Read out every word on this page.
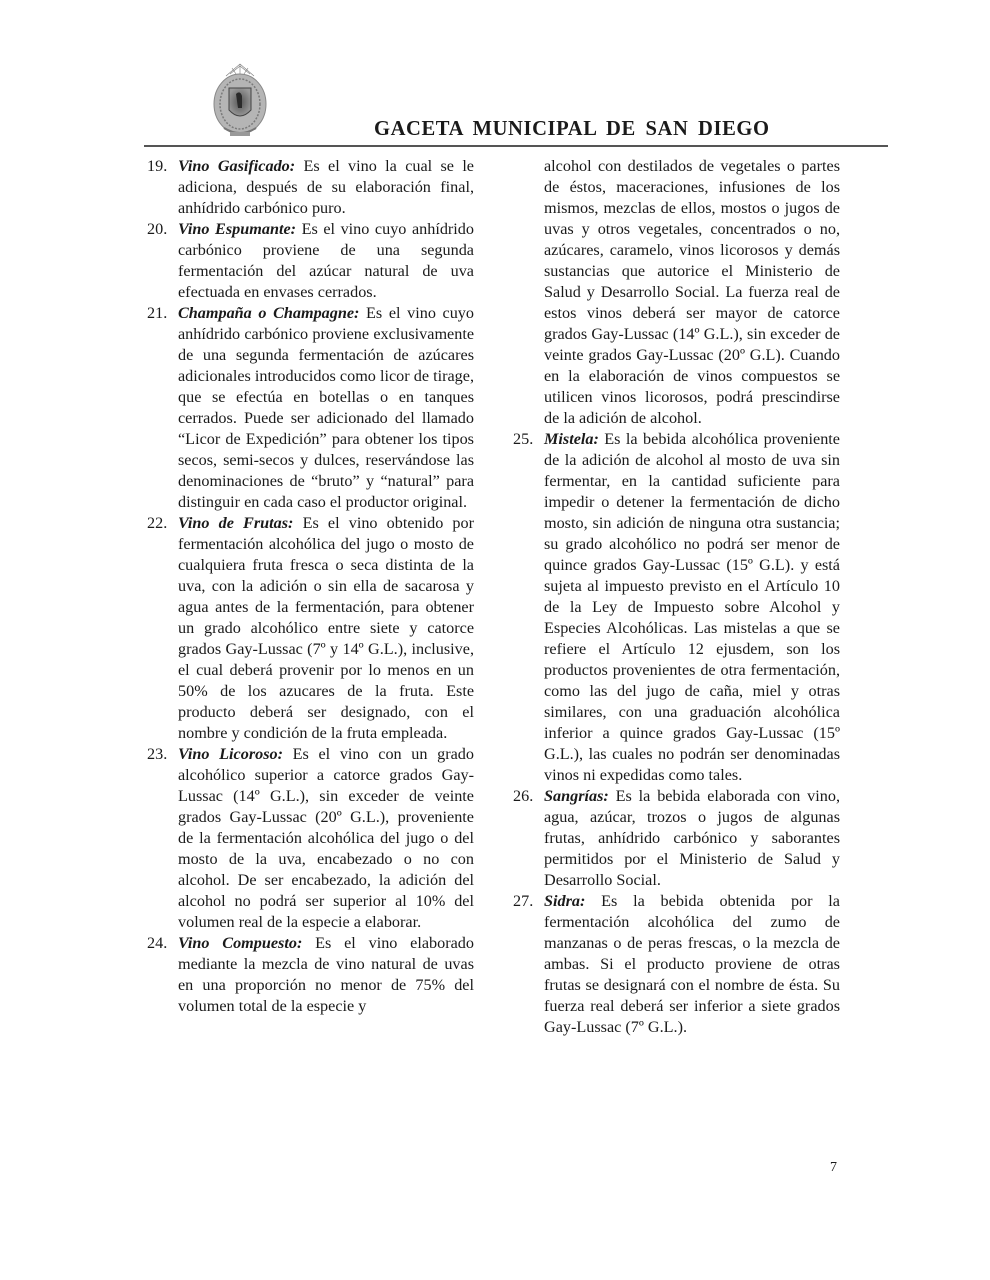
GACETA MUNICIPAL DE SAN DIEGO

19. Vino Gasificado: Es el vino la cual se le adiciona, después de su elaboración final, anhídrido carbónico puro.

20. Vino Espumante: Es el vino cuyo anhídrido carbónico proviene de una segunda fermentación del azúcar natural de uva efectuada en envases cerrados.

21. Champaña o Champagne: Es el vino cuyo anhídrido carbónico proviene exclusivamente de una segunda fermentación de azúcares adicionales introducidos como licor de tirage, que se efectúa en botellas o en tanques cerrados. Puede ser adicionado del llamado “Licor de Expedición” para obtener los tipos secos, semi-secos y dulces, reservándose las denominaciones de “bruto” y “natural” para distinguir en cada caso el productor original.

22. Vino de Frutas: Es el vino obtenido por fermentación alcohólica del jugo o mosto de cualquiera fruta fresca o seca distinta de la uva, con la adición o sin ella de sacarosa y agua antes de la fermentación, para obtener un grado alcohólico entre siete y catorce grados Gay-Lussac (7º y 14º G.L.), inclusive, el cual deberá provenir por lo menos en un 50% de los azucares de la fruta. Este producto deberá ser designado, con el nombre y condición de la fruta empleada.

23. Vino Licoroso: Es el vino con un grado alcohólico superior a catorce grados Gay-Lussac (14º G.L.), sin exceder de veinte grados Gay-Lussac (20º G.L.), proveniente de la fermentación alcohólica del jugo o del mosto de la uva, encabezado o no con alcohol. De ser encabezado, la adición del alcohol no podrá ser superior al 10% del volumen real de la especie a elaborar.

24. Vino Compuesto: Es el vino elaborado mediante la mezcla de vino natural de uvas en una proporción no menor de 75% del volumen total de la especie y

alcohol con destilados de vegetales o partes de éstos, maceraciones, infusiones de los mismos, mezclas de ellos, mostos o jugos de uvas y otros vegetales, concentrados o no, azúcares, caramelo, vinos licorosos y demás sustancias que autorice el Ministerio de Salud y Desarrollo Social. La fuerza real de estos vinos deberá ser mayor de catorce grados Gay-Lussac (14º G.L.), sin exceder de veinte grados Gay-Lussac (20º G.L). Cuando en la elaboración de vinos compuestos se utilicen vinos licorosos, podrá prescindirse de la adición de alcohol.

25. Mistela: Es la bebida alcohólica proveniente de la adición de alcohol al mosto de uva sin fermentar, en la cantidad suficiente para impedir o detener la fermentación de dicho mosto, sin adición de ninguna otra sustancia; su grado alcohólico no podrá ser menor de quince grados Gay-Lussac (15º G.L). y está sujeta al impuesto previsto en el Artículo 10 de la Ley de Impuesto sobre Alcohol y Especies Alcohólicas. Las mistelas a que se refiere el Artículo 12 ejusdem, son los productos provenientes de otra fermentación, como las del jugo de caña, miel y otras similares, con una graduación alcohólica inferior a quince grados Gay-Lussac (15º G.L.), las cuales no podrán ser denominadas vinos ni expedidas como tales.

26. Sangrías: Es la bebida elaborada con vino, agua, azúcar, trozos o jugos de algunas frutas, anhídrido carbónico y saborantes permitidos por el Ministerio de Salud y Desarrollo Social.

27. Sidra: Es la bebida obtenida por la fermentación alcohólica del zumo de manzanas o de peras frescas, o la mezcla de ambas. Si el producto proviene de otras frutas se designará con el nombre de ésta. Su fuerza real deberá ser inferior a siete grados Gay-Lussac (7º G.L.).

7
